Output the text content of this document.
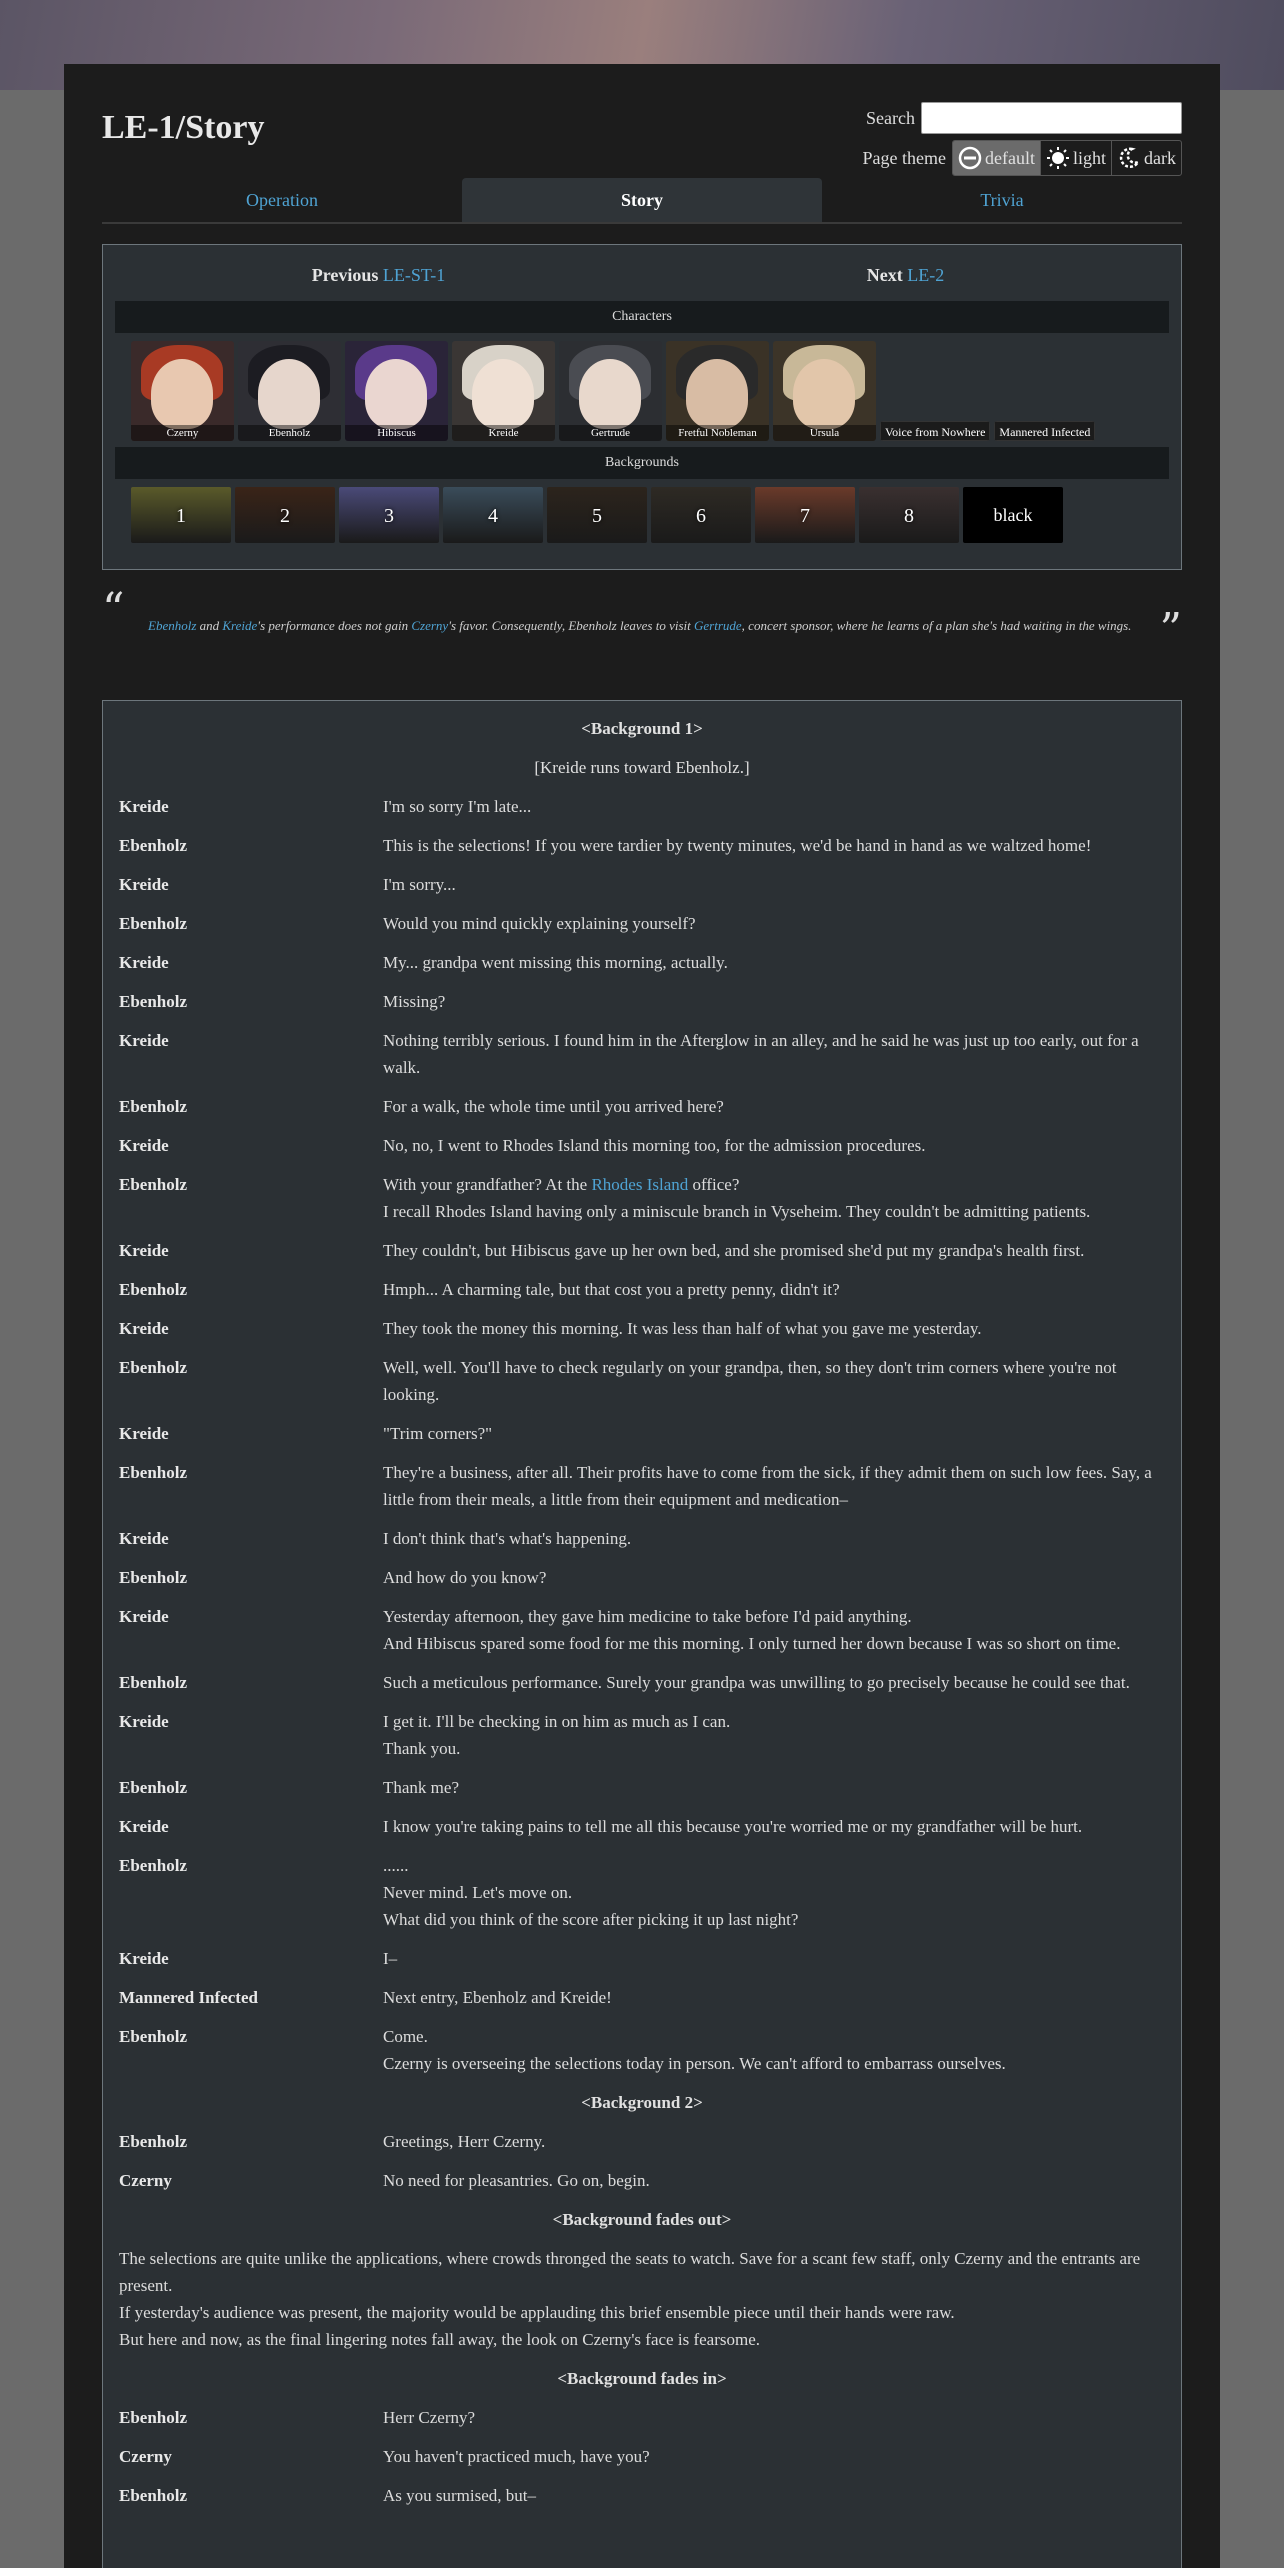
LE-1/Story	Search
Page theme default light dark
Operation	Story	Trivia
Previous LE-ST-1	Next LE-2
Characters
Czerny	Ebenholz	Hibiscus	Kreide	Gertrude	Fretful Nobleman	Ursula	Voice from Nowhere	Mannered Infected
Backgrounds
1	2	3	4	5	6	7	8	black
“ Ebenholz and Kreide's performance does not gain Czerny's favor. Consequently, Ebenholz leaves to visit Gertrude, concert sponsor, where he learns of a plan she's had waiting in the wings. ”
<Background 1>
[Kreide runs toward Ebenholz.]
Kreide	I'm so sorry I'm late...
Ebenholz	This is the selections! If you were tardier by twenty minutes, we'd be hand in hand as we waltzed home!
Kreide	I'm sorry...
Ebenholz	Would you mind quickly explaining yourself?
Kreide	My... grandpa went missing this morning, actually.
Ebenholz	Missing?
Kreide	Nothing terribly serious. I found him in the Afterglow in an alley, and he said he was just up too early, out for a walk.
Ebenholz	For a walk, the whole time until you arrived here?
Kreide	No, no, I went to Rhodes Island this morning too, for the admission procedures.
Ebenholz	With your grandfather? At the Rhodes Island office?
I recall Rhodes Island having only a miniscule branch in Vyseheim. They couldn't be admitting patients.
Kreide	They couldn't, but Hibiscus gave up her own bed, and she promised she'd put my grandpa's health first.
Ebenholz	Hmph... A charming tale, but that cost you a pretty penny, didn't it?
Kreide	They took the money this morning. It was less than half of what you gave me yesterday.
Ebenholz	Well, well. You'll have to check regularly on your grandpa, then, so they don't trim corners where you're not looking.
Kreide	"Trim corners?"
Ebenholz	They're a business, after all. Their profits have to come from the sick, if they admit them on such low fees. Say, a little from their meals, a little from their equipment and medication–
Kreide	I don't think that's what's happening.
Ebenholz	And how do you know?
Kreide	Yesterday afternoon, they gave him medicine to take before I'd paid anything.
And Hibiscus spared some food for me this morning. I only turned her down because I was so short on time.
Ebenholz	Such a meticulous performance. Surely your grandpa was unwilling to go precisely because he could see that.
Kreide	I get it. I'll be checking in on him as much as I can.
Thank you.
Ebenholz	Thank me?
Kreide	I know you're taking pains to tell me all this because you're worried me or my grandfather will be hurt.
Ebenholz	......
Never mind. Let's move on.
What did you think of the score after picking it up last night?
Kreide	I–
Mannered Infected	Next entry, Ebenholz and Kreide!
Ebenholz	Come.
Czerny is overseeing the selections today in person. We can't afford to embarrass ourselves.
<Background 2>
Ebenholz	Greetings, Herr Czerny.
Czerny	No need for pleasantries. Go on, begin.
<Background fades out>
The selections are quite unlike the applications, where crowds thronged the seats to watch. Save for a scant few staff, only Czerny and the entrants are present.
If yesterday's audience was present, the majority would be applauding this brief ensemble piece until their hands were raw.
But here and now, as the final lingering notes fall away, the look on Czerny's face is fearsome.
<Background fades in>
Ebenholz	Herr Czerny?
Czerny	You haven't practiced much, have you?
Ebenholz	As you surmised, but–
